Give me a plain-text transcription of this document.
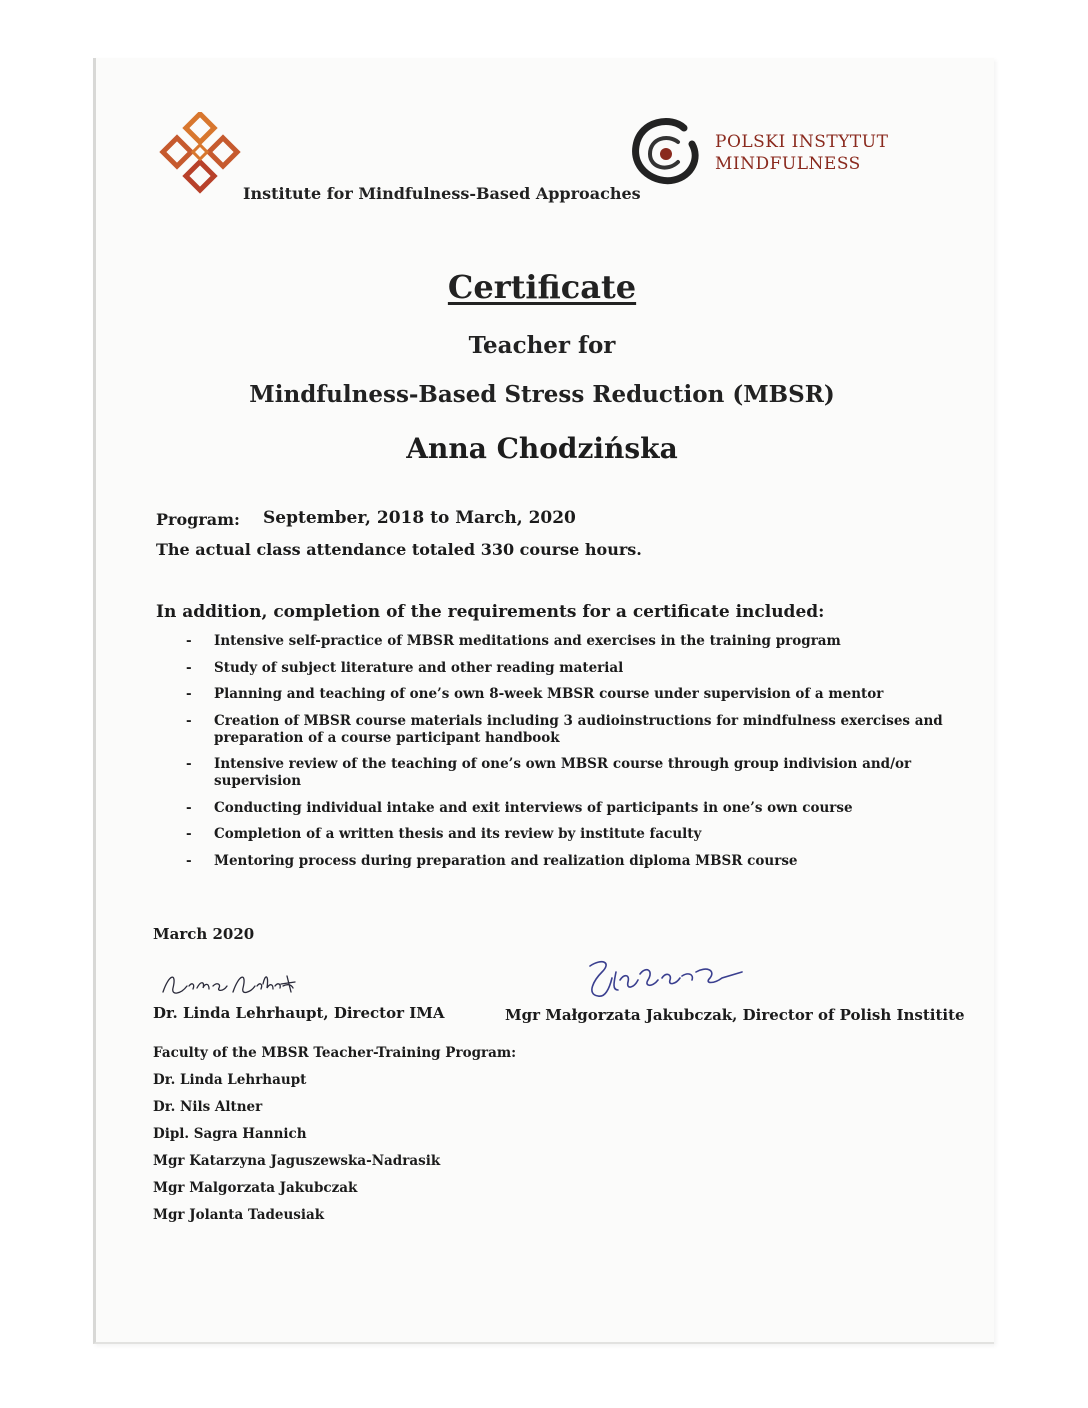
Institute for Mindfulness-Based Approaches
POLSKI INSTYTUT
MINDFULNESS
Certificate
Teacher for
Mindfulness-Based Stress Reduction (MBSR)
Anna Chodzińska
Program: September, 2018 to March, 2020
The actual class attendance totaled 330 course hours.
In addition, completion of the requirements for a certificate included:
-	Intensive self-practice of MBSR meditations and exercises in the training program
-	Study of subject literature and other reading material
-	Planning and teaching of one’s own 8-week MBSR course under supervision of a mentor
-	Creation of MBSR course materials including 3 audioinstructions for mindfulness exercises and preparation of a course participant handbook
-	Intensive review of the teaching of one’s own MBSR course through group indivision and/or supervision
-	Conducting individual intake and exit interviews of participants in one’s own course
-	Completion of a written thesis and its review by institute faculty
-	Mentoring process during preparation and realization diploma MBSR course
March 2020
Dr. Linda Lehrhaupt, Director IMA	Mgr Małgorzata Jakubczak, Director of Polish Institite
Faculty of the MBSR Teacher-Training Program:
Dr. Linda Lehrhaupt
Dr. Nils Altner
Dipl. Sagra Hannich
Mgr Katarzyna Jaguszewska-Nadrasik
Mgr Malgorzata Jakubczak
Mgr Jolanta Tadeusiak
